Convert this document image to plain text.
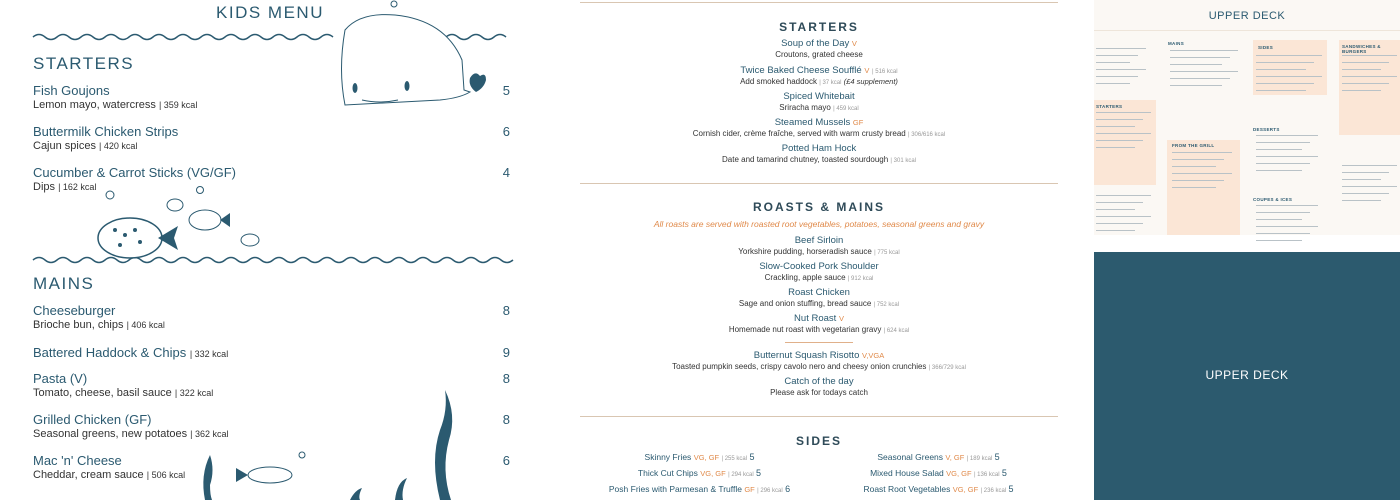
KIDS MENU
STARTERS
Fish Goujons
Lemon mayo, watercress | 359 kcal
5
Buttermilk Chicken Strips
Cajun spices | 420 kcal
6
Cucumber & Carrot Sticks (VG/GF)
Dips | 162 kcal
4
MAINS
Cheeseburger
Brioche bun, chips | 406 kcal
8
Battered Haddock & Chips | 332 kcal	9
Pasta (V)
Tomato, cheese, basil sauce | 322 kcal
8
Grilled Chicken (GF)
Seasonal greens, new potatoes | 362 kcal
8
Mac 'n' Cheese
Cheddar, cream sauce | 506 kcal
6
STARTERS
Soup of the Day V
Croutons, grated cheese
Twice Baked Cheese Soufflé V | 516 kcal
Add smoked haddock | 37 kcal (£4 supplement)
Spiced Whitebait
Sriracha mayo | 459 kcal
Steamed Mussels GF
Cornish cider, crème fraîche, served with warm crusty bread | 306/616 kcal
Potted Ham Hock
Date and tamarind chutney, toasted sourdough | 301 kcal
ROASTS & MAINS
All roasts are served with roasted root vegetables, potatoes, seasonal greens and gravy
Beef Sirloin
Yorkshire pudding, horseradish sauce | 775 kcal
Slow-Cooked Pork Shoulder
Crackling, apple sauce | 912 kcal
Roast Chicken
Sage and onion stuffing, bread sauce | 752 kcal
Nut Roast V
Homemade nut roast with vegetarian gravy | 624 kcal
Butternut Squash Risotto V,VGA
Toasted pumpkin seeds, crispy cavolo nero and cheesy onion crunchies | 366/729 kcal
Catch of the day
Please ask for todays catch
SIDES
Skinny Fries VG, GF | 255 kcal 5
Thick Cut Chips VG, GF | 294 kcal 5
Posh Fries with Parmesan & Truffle GF | 296 kcal 6
Seasonal Greens V, GF | 189 kcal 5
Mixed House Salad VG, GF | 136 kcal 5
Roast Root Vegetables VG, GF | 236 kcal 5
UPPER DECK
STARTERS
MAINS
FROM THE GRILL
SIDES
DESSERTS
COUPES & ICES
SANDWICHES & BURGERS
UPPER DECK
